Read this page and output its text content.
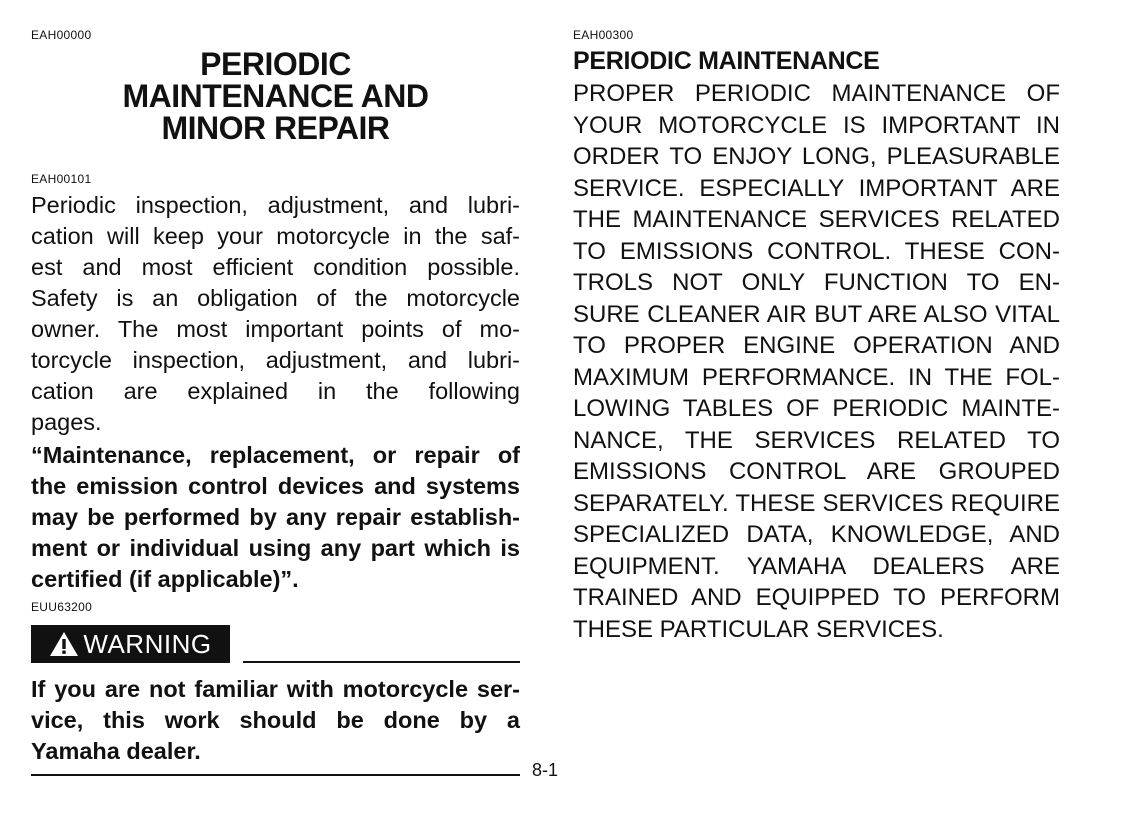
EAH00000
PERIODIC
MAINTENANCE AND
MINOR REPAIR
EAH00101

Periodic inspection, adjustment, and lubri-
cation will keep your motorcycle in the saf-
est and most efficient condition possible.
Safety is an obligation of the motorcycle
owner. The most important points of mo-
torcycle inspection, adjustment, and lubri-
cation are explained in the following
pages.

“Maintenance, replacement, or repair of
the emission control devices and systems
may be performed by any repair establish-
ment or individual using any part which is
certified (if applicable)”.

EUU63200
WARNING

If you are not familiar with motorcycle ser-
vice, this work should be done by a
Yamaha dealer.

8-1
EAH00300
PERIODIC MAINTENANCE

PROPER PERIODIC MAINTENANCE OF
YOUR MOTORCYCLE IS IMPORTANT IN
ORDER TO ENJOY LONG, PLEASURABLE
SERVICE. ESPECIALLY IMPORTANT ARE
THE MAINTENANCE SERVICES RELATED
TO EMISSIONS CONTROL. THESE CON-
TROLS NOT ONLY FUNCTION TO EN-
SURE CLEANER AIR BUT ARE ALSO VITAL
TO PROPER ENGINE OPERATION AND
MAXIMUM PERFORMANCE. IN THE FOL-
LOWING TABLES OF PERIODIC MAINTE-
NANCE, THE SERVICES RELATED TO
EMISSIONS CONTROL ARE GROUPED
SEPARATELY. THESE SERVICES REQUIRE
SPECIALIZED DATA, KNOWLEDGE, AND
EQUIPMENT. YAMAHA DEALERS ARE
TRAINED AND EQUIPPED TO PERFORM
THESE PARTICULAR SERVICES.
